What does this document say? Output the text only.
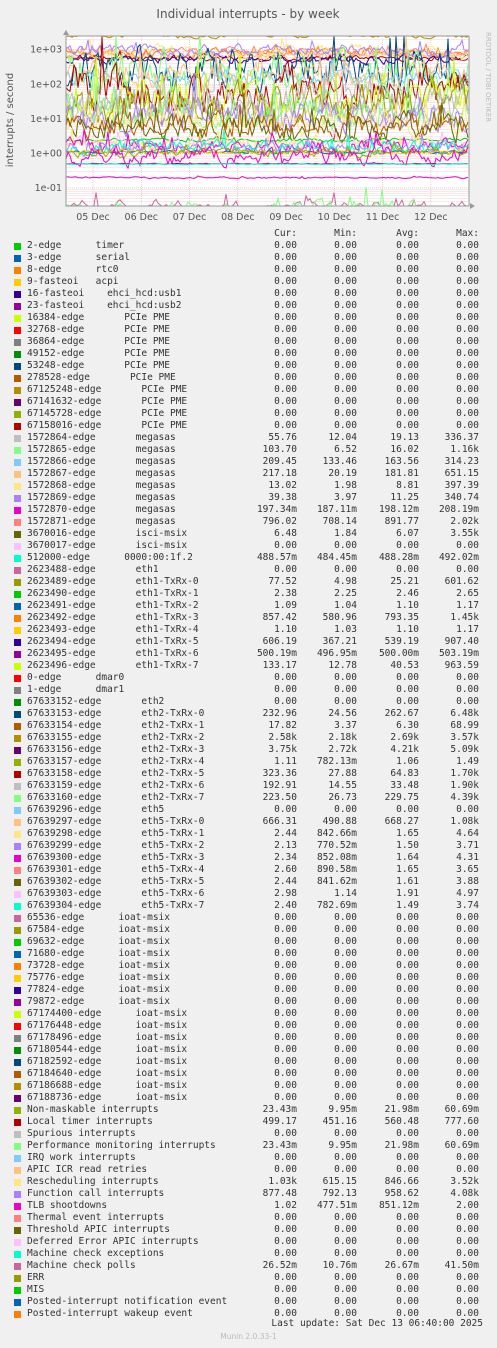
Individual interrupts - by week
interrupts / second	RRDTOOL / TOBI OETIKER
1e+03
1e+02
1e+01
1e+00
1e-01
05 Dec 06 Dec 07 Dec 08 Dec 09 Dec 10 Dec 11 Dec 12 Dec
Cur:	Min:	Avg:	Max:
2-edge      timer	0.00	0.00	0.00	0.00
3-edge      serial	0.00	0.00	0.00	0.00
8-edge      rtc0	0.00	0.00	0.00	0.00
9-fasteoi   acpi	0.00	0.00	0.00	0.00
16-fasteoi    ehci_hcd:usb1	0.00	0.00	0.00	0.00
23-fasteoi    ehci_hcd:usb2	0.00	0.00	0.00	0.00
16384-edge       PCIe PME	0.00	0.00	0.00	0.00
32768-edge       PCIe PME	0.00	0.00	0.00	0.00
36864-edge       PCIe PME	0.00	0.00	0.00	0.00
49152-edge       PCIe PME	0.00	0.00	0.00	0.00
53248-edge       PCIe PME	0.00	0.00	0.00	0.00
278528-edge       PCIe PME	0.00	0.00	0.00	0.00
67125248-edge       PCIe PME	0.00	0.00	0.00	0.00
67141632-edge       PCIe PME	0.00	0.00	0.00	0.00
67145728-edge       PCIe PME	0.00	0.00	0.00	0.00
67158016-edge       PCIe PME	0.00	0.00	0.00	0.00
1572864-edge       megasas	55.76	12.04	19.13	336.37
1572865-edge       megasas	103.70	6.52	16.02	1.16k
1572866-edge       megasas	209.45	133.46	163.56	314.23
1572867-edge       megasas	217.18	20.19	181.81	651.15
1572868-edge       megasas	13.02	1.98	8.81	397.39
1572869-edge       megasas	39.38	3.97	11.25	340.74
1572870-edge       megasas	197.34m	187.11m	198.12m	208.19m
1572871-edge       megasas	796.02	708.14	891.77	2.02k
3670016-edge       isci-msix	6.48	1.84	6.07	3.55k
3670017-edge       isci-msix	0.00	0.00	0.00	0.00
512000-edge      0000:00:1f.2	488.57m	484.45m	488.28m	492.02m
2623488-edge       eth1	0.00	0.00	0.00	0.00
2623489-edge       eth1-TxRx-0	77.52	4.98	25.21	601.62
2623490-edge       eth1-TxRx-1	2.38	2.25	2.46	2.65
2623491-edge       eth1-TxRx-2	1.09	1.04	1.10	1.17
2623492-edge       eth1-TxRx-3	857.42	580.96	793.35	1.45k
2623493-edge       eth1-TxRx-4	1.10	1.03	1.10	1.17
2623494-edge       eth1-TxRx-5	606.19	367.21	539.19	907.40
2623495-edge       eth1-TxRx-6	500.19m	496.95m	500.00m	503.19m
2623496-edge       eth1-TxRx-7	133.17	12.78	40.53	963.59
0-edge      dmar0	0.00	0.00	0.00	0.00
1-edge      dmar1	0.00	0.00	0.00	0.00
67633152-edge       eth2	0.00	0.00	0.00	0.00
67633153-edge       eth2-TxRx-0	232.96	24.56	262.67	6.48k
67633154-edge       eth2-TxRx-1	17.82	3.37	6.30	68.99
67633155-edge       eth2-TxRx-2	2.58k	2.18k	2.69k	3.57k
67633156-edge       eth2-TxRx-3	3.75k	2.72k	4.21k	5.09k
67633157-edge       eth2-TxRx-4	1.11	782.13m	1.06	1.49
67633158-edge       eth2-TxRx-5	323.36	27.88	64.83	1.70k
67633159-edge       eth2-TxRx-6	192.91	14.55	33.48	1.90k
67633160-edge       eth2-TxRx-7	223.50	26.73	229.75	4.39k
67639296-edge       eth5	0.00	0.00	0.00	0.00
67639297-edge       eth5-TxRx-0	666.31	490.88	668.27	1.08k
67639298-edge       eth5-TxRx-1	2.44	842.66m	1.65	4.64
67639299-edge       eth5-TxRx-2	2.13	770.52m	1.50	3.71
67639300-edge       eth5-TxRx-3	2.34	852.08m	1.64	4.31
67639301-edge       eth5-TxRx-4	2.60	890.58m	1.65	3.65
67639302-edge       eth5-TxRx-5	2.44	841.62m	1.61	3.88
67639303-edge       eth5-TxRx-6	2.98	1.14	1.91	4.97
67639304-edge       eth5-TxRx-7	2.40	782.69m	1.49	3.74
65536-edge      ioat-msix	0.00	0.00	0.00	0.00
67584-edge      ioat-msix	0.00	0.00	0.00	0.00
69632-edge      ioat-msix	0.00	0.00	0.00	0.00
71680-edge      ioat-msix	0.00	0.00	0.00	0.00
73728-edge      ioat-msix	0.00	0.00	0.00	0.00
75776-edge      ioat-msix	0.00	0.00	0.00	0.00
77824-edge      ioat-msix	0.00	0.00	0.00	0.00
79872-edge      ioat-msix	0.00	0.00	0.00	0.00
67174400-edge      ioat-msix	0.00	0.00	0.00	0.00
67176448-edge      ioat-msix	0.00	0.00	0.00	0.00
67178496-edge      ioat-msix	0.00	0.00	0.00	0.00
67180544-edge      ioat-msix	0.00	0.00	0.00	0.00
67182592-edge      ioat-msix	0.00	0.00	0.00	0.00
67184640-edge      ioat-msix	0.00	0.00	0.00	0.00
67186688-edge      ioat-msix	0.00	0.00	0.00	0.00
67188736-edge      ioat-msix	0.00	0.00	0.00	0.00
Non-maskable interrupts	23.43m	9.95m	21.98m	60.69m
Local timer interrupts	499.17	451.16	560.48	777.60
Spurious interrupts	0.00	0.00	0.00	0.00
Performance monitoring interrupts	23.43m	9.95m	21.98m	60.69m
IRQ work interrupts	0.00	0.00	0.00	0.00
APIC ICR read retries	0.00	0.00	0.00	0.00
Rescheduling interrupts	1.03k	615.15	846.66	3.52k
Function call interrupts	877.48	792.13	958.62	4.08k
TLB shootdowns	1.02	477.51m	851.12m	2.00
Thermal event interrupts	0.00	0.00	0.00	0.00
Threshold APIC interrupts	0.00	0.00	0.00	0.00
Deferred Error APIC interrupts	0.00	0.00	0.00	0.00
Machine check exceptions	0.00	0.00	0.00	0.00
Machine check polls	26.52m	10.76m	26.67m	41.50m
ERR	0.00	0.00	0.00	0.00
MIS	0.00	0.00	0.00	0.00
Posted-interrupt notification event	0.00	0.00	0.00	0.00
Posted-interrupt wakeup event	0.00	0.00	0.00	0.00
Last update: Sat Dec 13 06:40:00 2025
Munin 2.0.33-1
